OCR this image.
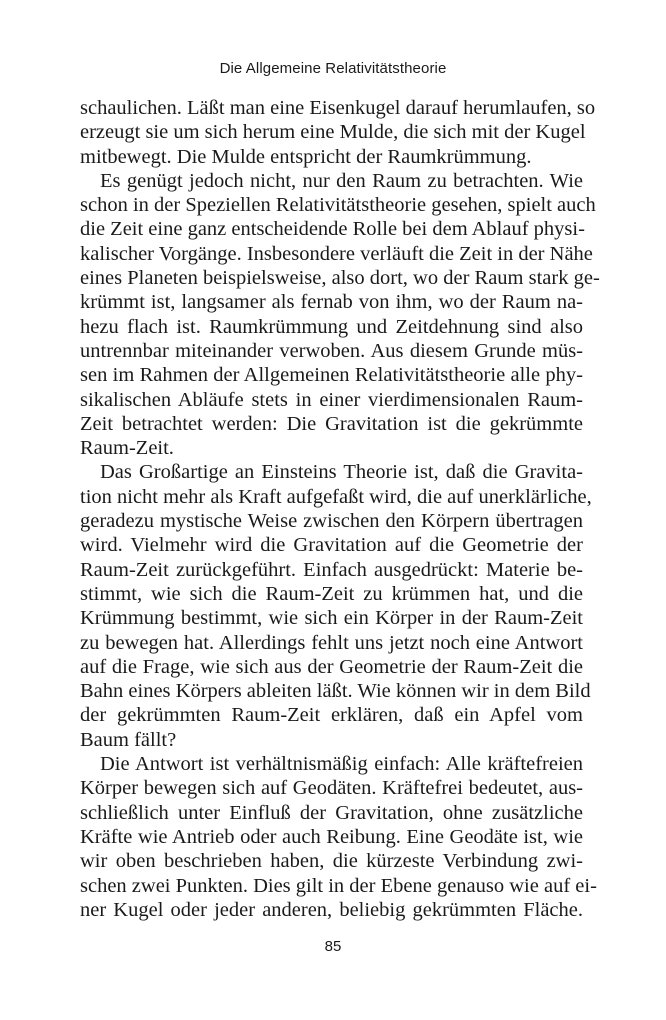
Die Allgemeine Relativitätstheorie
schaulichen. Läßt man eine Eisenkugel darauf herumlaufen, so
erzeugt sie um sich herum eine Mulde, die sich mit der Kugel
mitbewegt. Die Mulde entspricht der Raumkrümmung.
Es genügt jedoch nicht, nur den Raum zu betrachten. Wie
schon in der Speziellen Relativitätstheorie gesehen, spielt auch
die Zeit eine ganz entscheidende Rolle bei dem Ablauf physi-
kalischer Vorgänge. Insbesondere verläuft die Zeit in der Nähe
eines Planeten beispielsweise, also dort, wo der Raum stark ge-
krümmt ist, langsamer als fernab von ihm, wo der Raum na-
hezu flach ist. Raumkrümmung und Zeitdehnung sind also
untrennbar miteinander verwoben. Aus diesem Grunde müs-
sen im Rahmen der Allgemeinen Relativitätstheorie alle phy-
sikalischen Abläufe stets in einer vierdimensionalen Raum-
Zeit betrachtet werden: Die Gravitation ist die gekrümmte
Raum-Zeit.
Das Großartige an Einsteins Theorie ist, daß die Gravita-
tion nicht mehr als Kraft aufgefaßt wird, die auf unerklärliche,
geradezu mystische Weise zwischen den Körpern übertragen
wird. Vielmehr wird die Gravitation auf die Geometrie der
Raum-Zeit zurückgeführt. Einfach ausgedrückt: Materie be-
stimmt, wie sich die Raum-Zeit zu krümmen hat, und die
Krümmung bestimmt, wie sich ein Körper in der Raum-Zeit
zu bewegen hat. Allerdings fehlt uns jetzt noch eine Antwort
auf die Frage, wie sich aus der Geometrie der Raum-Zeit die
Bahn eines Körpers ableiten läßt. Wie können wir in dem Bild
der gekrümmten Raum-Zeit erklären, daß ein Apfel vom
Baum fällt?
Die Antwort ist verhältnismäßig einfach: Alle kräftefreien
Körper bewegen sich auf Geodäten. Kräftefrei bedeutet, aus-
schließlich unter Einfluß der Gravitation, ohne zusätzliche
Kräfte wie Antrieb oder auch Reibung. Eine Geodäte ist, wie
wir oben beschrieben haben, die kürzeste Verbindung zwi-
schen zwei Punkten. Dies gilt in der Ebene genauso wie auf ei-
ner Kugel oder jeder anderen, beliebig gekrümmten Fläche.
85
